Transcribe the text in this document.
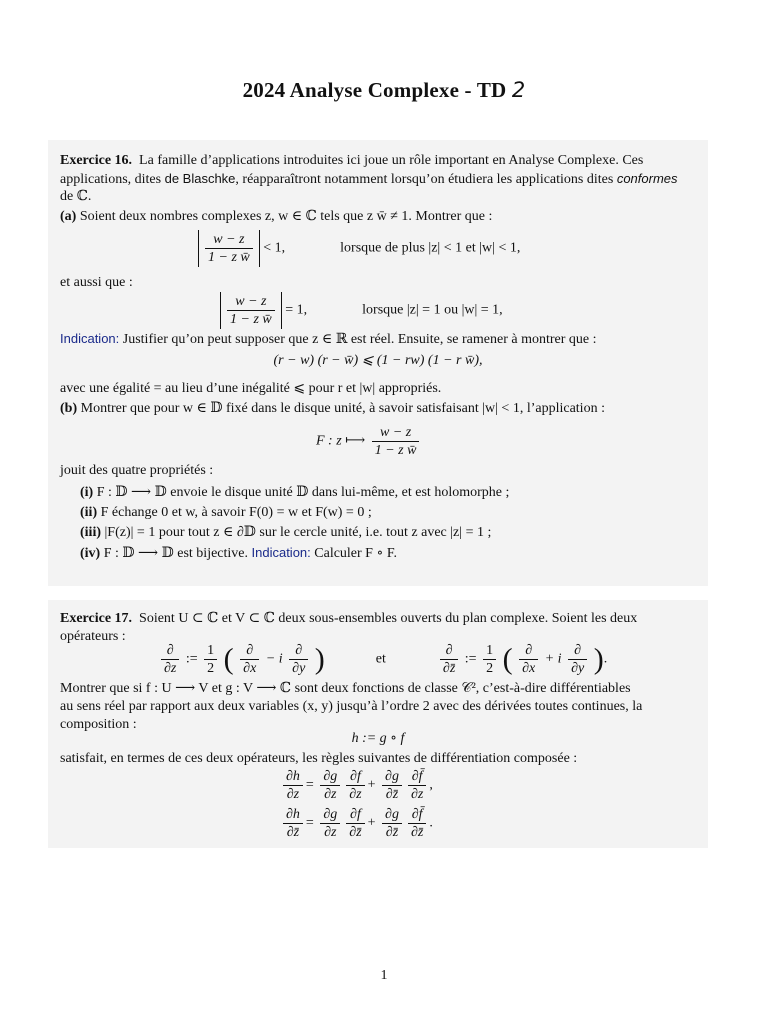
2024 Analyse Complexe - TD 2
Exercice 16. La famille d’applications introduites ici joue un rôle important en Analyse Complexe. Ces
applications, dites de Blaschke, réapparaîtront notamment lorsqu’on étudiera les applications dites conformes
de ℂ.
(a) Soient deux nombres complexes z, w ∈ ℂ tels que z w̄ ≠ 1. Montrer que :
$\frac{w - z}{\text{1 − z w̄}} < 1$,	lorsque de plus |z| < 1 et |w| < 1,
et aussi que :
$\frac{w - z}{\text{1 − z w̄}} = 1$,	lorsque |z| = 1 ou |w| = 1,
Indication: Justifier qu’on peut supposer que z ∈ ℝ est réel. Ensuite, se ramener à montrer que :
(r − w) (r − w̄) ⩽ (1 − rw) (1 − r w̄),
avec une égalité = au lieu d’une inégalité ⩽ pour r et |w| appropriés.
(b) Montrer que pour w ∈ 𝔻 fixé dans le disque unité, à savoir satisfaisant |w| < 1, l’application :
F : z ⟼ $\frac{w - z}{\text{1 − z w̄}}$
jouit des quatre propriétés :
(i) F : 𝔻 ⟶ 𝔻 envoie le disque unité 𝔻 dans lui-même, et est holomorphe ;
(ii) F échange 0 et w, à savoir F(0) = w et F(w) = 0 ;
(iii) |F(z)| = 1 pour tout z ∈ ∂𝔻 sur le cercle unité, i.e. tout z avec |z| = 1 ;
(iv) F : 𝔻 ⟶ 𝔻 est bijective. Indication: Calculer F ∘ F.
Exercice 17. Soient U ⊂ ℂ et V ⊂ ℂ deux sous-ensembles ouverts du plan complexe. Soient les deux
opérateurs :
$\frac{\partial}{\partial z}$ := $\frac{1}{2}$ ( $\frac{\partial}{\partial x} - i \frac{\partial}{\partial y}$ )	et	$\frac{\partial}{\partial z̄}$ := $\frac{1}{2}$ ( $\frac{\partial}{\partial x} + i \frac{\partial}{\partial y}$ ).
Montrer que si f : U ⟶ V et g : V ⟶ ℂ sont deux fonctions de classe 𝒞², c’est-à-dire différentiables
au sens réel par rapport aux deux variables (x, y) jusqu’à l’ordre 2 avec des dérivées toutes continues, la
composition :
h := g ∘ f
satisfait, en termes de ces deux opérateurs, les règles suivantes de différentiation composée :
$\frac{\partial h}{\partial z} = \frac{\partial g}{\partial z} \frac{\partial f}{\partial z} + \frac{\partial g}{\partial z̄} \frac{\partial f̄}{\partial z}$ ,
$\frac{\partial h}{\partial z̄} = \frac{\partial g}{\partial z} \frac{\partial f}{\partial z̄} + \frac{\partial g}{\partial z̄} \frac{\partial f̄}{\partial z̄}$ .
1
